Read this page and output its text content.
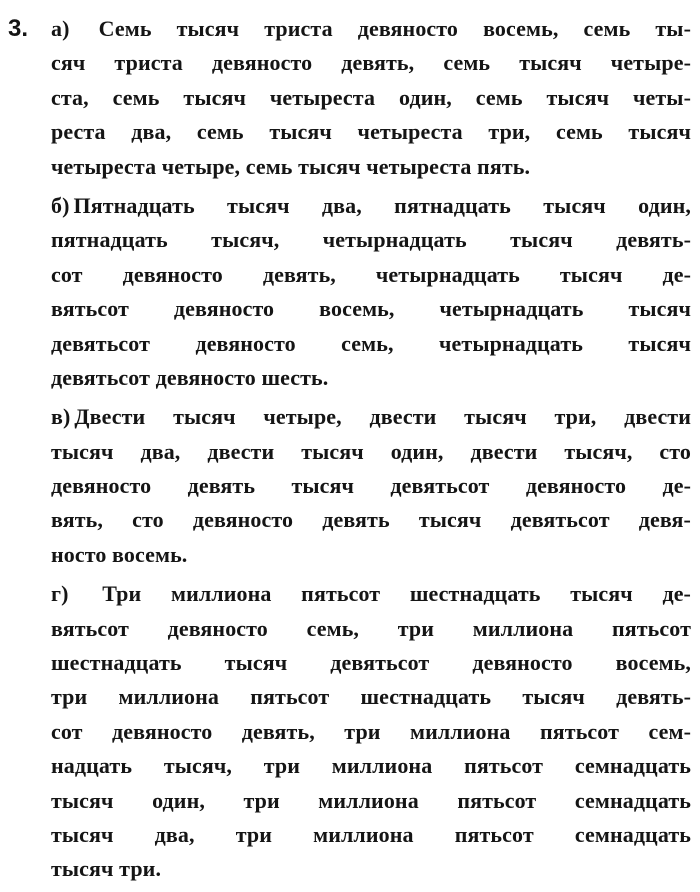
3. а) Семь тысяч триста девяносто восемь, семь ты-
сяч триста девяносто девять, семь тысяч четыре-
ста, семь тысяч четыреста один, семь тысяч четы-
реста два, семь тысяч четыреста три, семь тысяч
четыреста четыре, семь тысяч четыреста пять.
б) Пятнадцать тысяч два, пятнадцать тысяч один,
пятнадцать тысяч, четырнадцать тысяч девять-
сот девяносто девять, четырнадцать тысяч де-
вятьсот девяносто восемь, четырнадцать тысяч
девятьсот девяносто семь, четырнадцать тысяч
девятьсот девяносто шесть.
в) Двести тысяч четыре, двести тысяч три, двести
тысяч два, двести тысяч один, двести тысяч, сто
девяносто девять тысяч девятьсот девяносто де-
вять, сто девяносто девять тысяч девятьсот девя-
носто восемь.
г) Три миллиона пятьсот шестнадцать тысяч де-
вятьсот девяносто семь, три миллиона пятьсот
шестнадцать тысяч девятьсот девяносто восемь,
три миллиона пятьсот шестнадцать тысяч девять-
сот девяносто девять, три миллиона пятьсот сем-
надцать тысяч, три миллиона пятьсот семнадцать
тысяч один, три миллиона пятьсот семнадцать
тысяч два, три миллиона пятьсот семнадцать
тысяч три.
